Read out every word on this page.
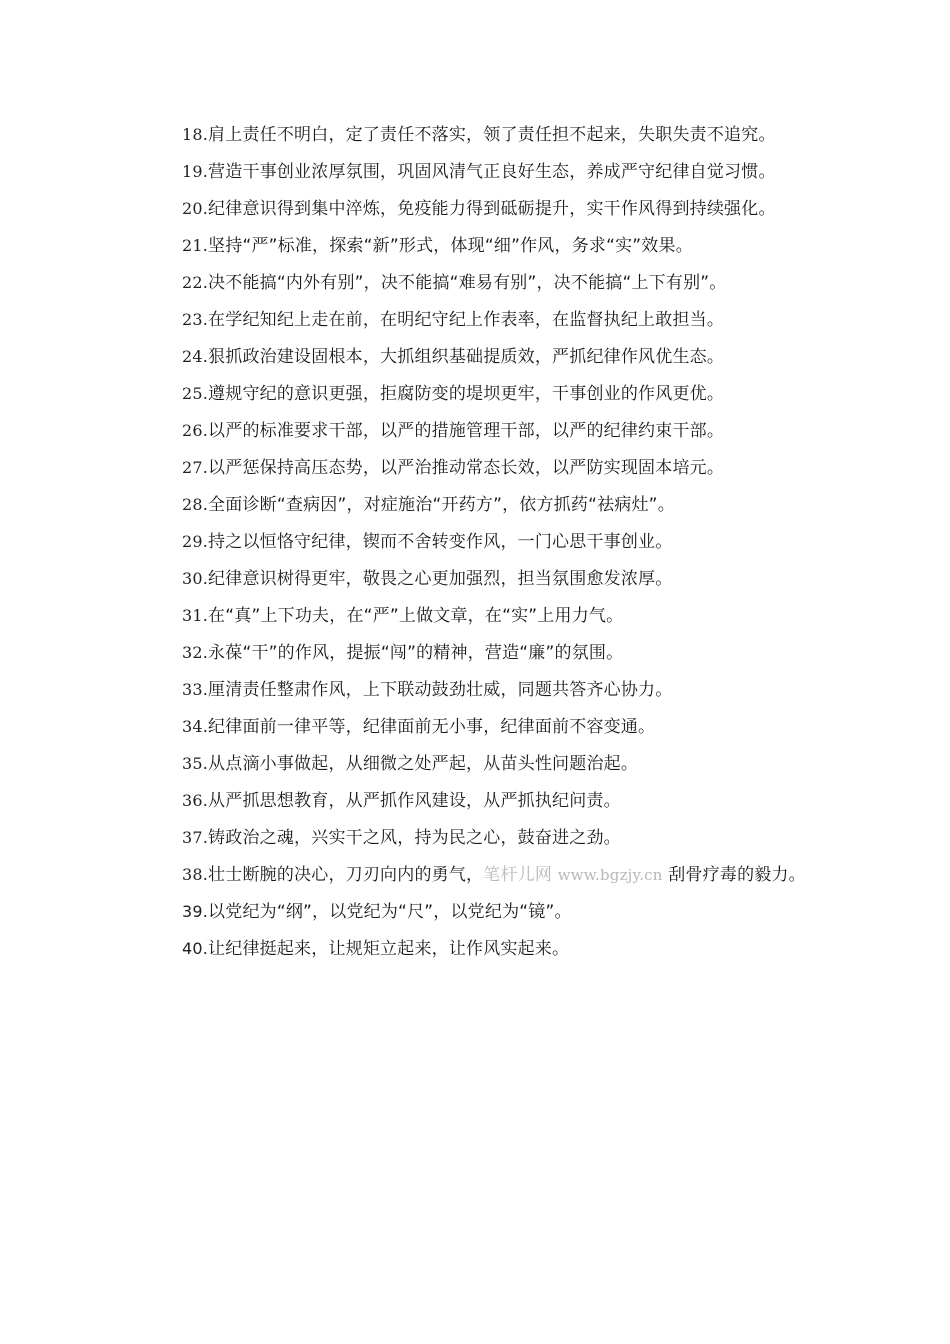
18.肩上责任不明白，定了责任不落实，领了责任担不起来，失职失责不追究。

19.营造干事创业浓厚氛围，巩固风清气正良好生态，养成严守纪律自觉习惯。

20.纪律意识得到集中淬炼，免疫能力得到砥砺提升，实干作风得到持续强化。

21.坚持“严”标准，探索“新”形式，体现“细”作风，务求“实”效果。

22.决不能搞“内外有别”，决不能搞“难易有别”，决不能搞“上下有别”。

23.在学纪知纪上走在前，在明纪守纪上作表率，在监督执纪上敢担当。

24.狠抓政治建设固根本，大抓组织基础提质效，严抓纪律作风优生态。

25.遵规守纪的意识更强，拒腐防变的堤坝更牢，干事创业的作风更优。

26.以严的标准要求干部，以严的措施管理干部，以严的纪律约束干部。

27.以严惩保持高压态势，以严治推动常态长效，以严防实现固本培元。

28.全面诊断“查病因”，对症施治“开药方”，依方抓药“祛病灶”。

29.持之以恒恪守纪律，锲而不舍转变作风，一门心思干事创业。

30.纪律意识树得更牢，敬畏之心更加强烈，担当氛围愈发浓厚。

31.在“真”上下功夫，在“严”上做文章，在“实”上用力气。

32.永葆“干”的作风，提振“闯”的精神，营造“廉”的氛围。

33.厘清责任整肃作风，上下联动鼓劲壮威，同题共答齐心协力。

34.纪律面前一律平等，纪律面前无小事，纪律面前不容变通。

35.从点滴小事做起，从细微之处严起，从苗头性问题治起。

36.从严抓思想教育，从严抓作风建设，从严抓执纪问责。

37.铸政治之魂，兴实干之风，持为民之心，鼓奋进之劲。

38.壮士断腕的决心，刀刃向内的勇气，笔杆儿网 www.bgzjy.cn 刮骨疗毒的毅力。

39.以党纪为“纲”，以党纪为“尺”，以党纪为“镜”。

40.让纪律挺起来，让规矩立起来，让作风实起来。
